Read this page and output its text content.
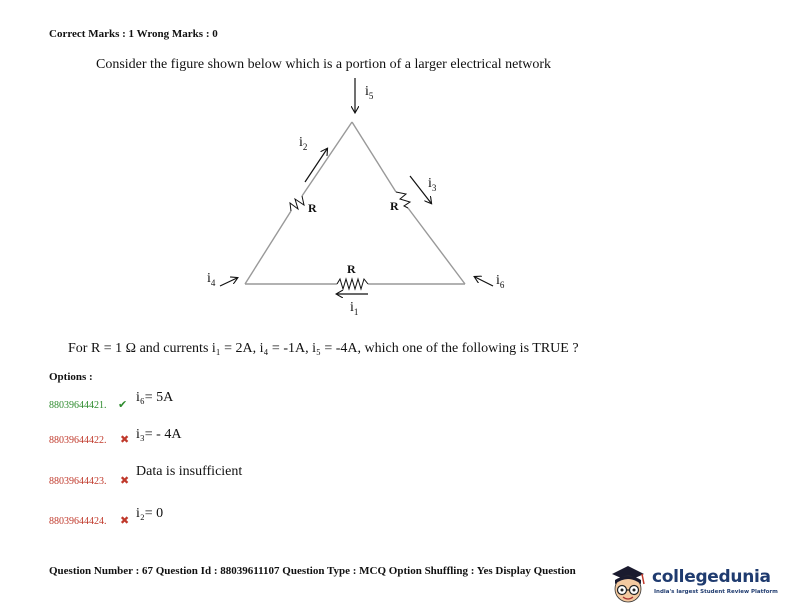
Correct Marks : 1 Wrong Marks : 0
Consider the figure shown below which is a portion of a larger electrical network
$i_5$
$i_2$
$i_3$
$i_4$	$i_6$
$i_1$
R	R
R
For R = 1 Ω and currents i₁ = 2A, i₄ = -1A, i₅ = -4A, which one of the following is TRUE ?
Options :
88039644421. ✔ i₆= 5A
88039644422. ✖ i₃= - 4A
88039644423. ✖
Data is insufficient
88039644424. ✖ i₂= 0
Question Number : 67 Question Id : 88039611107 Question Type : MCQ Option Shuffling : Yes Display Question	collegedunia
India's largest Student Review Platform
